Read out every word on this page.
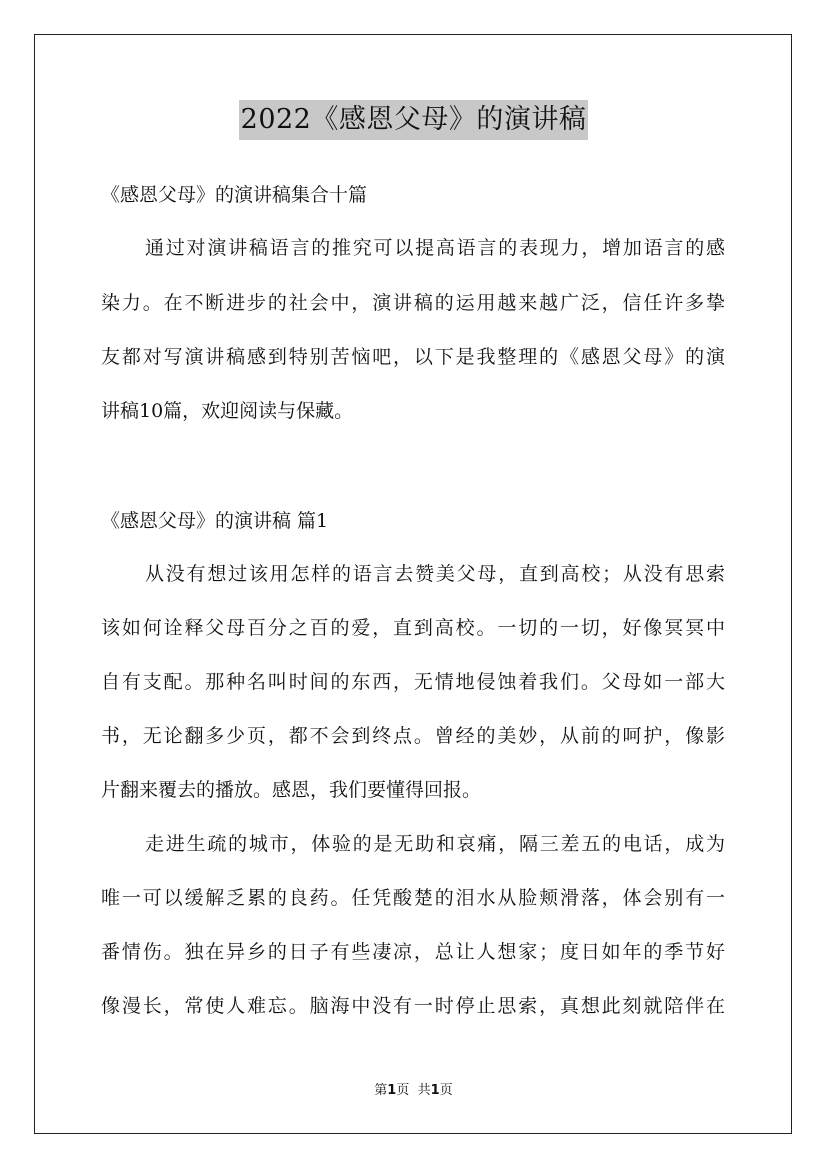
2022《感恩父母》的演讲稿
《感恩父母》的演讲稿集合十篇
通过对演讲稿语言的推究可以提高语言的表现力，增加语言的感
染力。在不断进步的社会中，演讲稿的运用越来越广泛，信任许多挚
友都对写演讲稿感到特别苦恼吧，以下是我整理的《感恩父母》的演
讲稿10篇，欢迎阅读与保藏。
《感恩父母》的演讲稿 篇1
从没有想过该用怎样的语言去赞美父母，直到高校；从没有思索
该如何诠释父母百分之百的爱，直到高校。一切的一切，好像冥冥中
自有支配。那种名叫时间的东西，无情地侵蚀着我们。父母如一部大
书，无论翻多少页，都不会到终点。曾经的美妙，从前的呵护，像影
片翻来覆去的播放。感恩，我们要懂得回报。
走进生疏的城市，体验的是无助和哀痛，隔三差五的电话，成为
唯一可以缓解乏累的良药。任凭酸楚的泪水从脸颊滑落，体会别有一
番情伤。独在异乡的日子有些凄凉，总让人想家；度日如年的季节好
像漫长，常使人难忘。脑海中没有一时停止思索，真想此刻就陪伴在
第1页 共1页
